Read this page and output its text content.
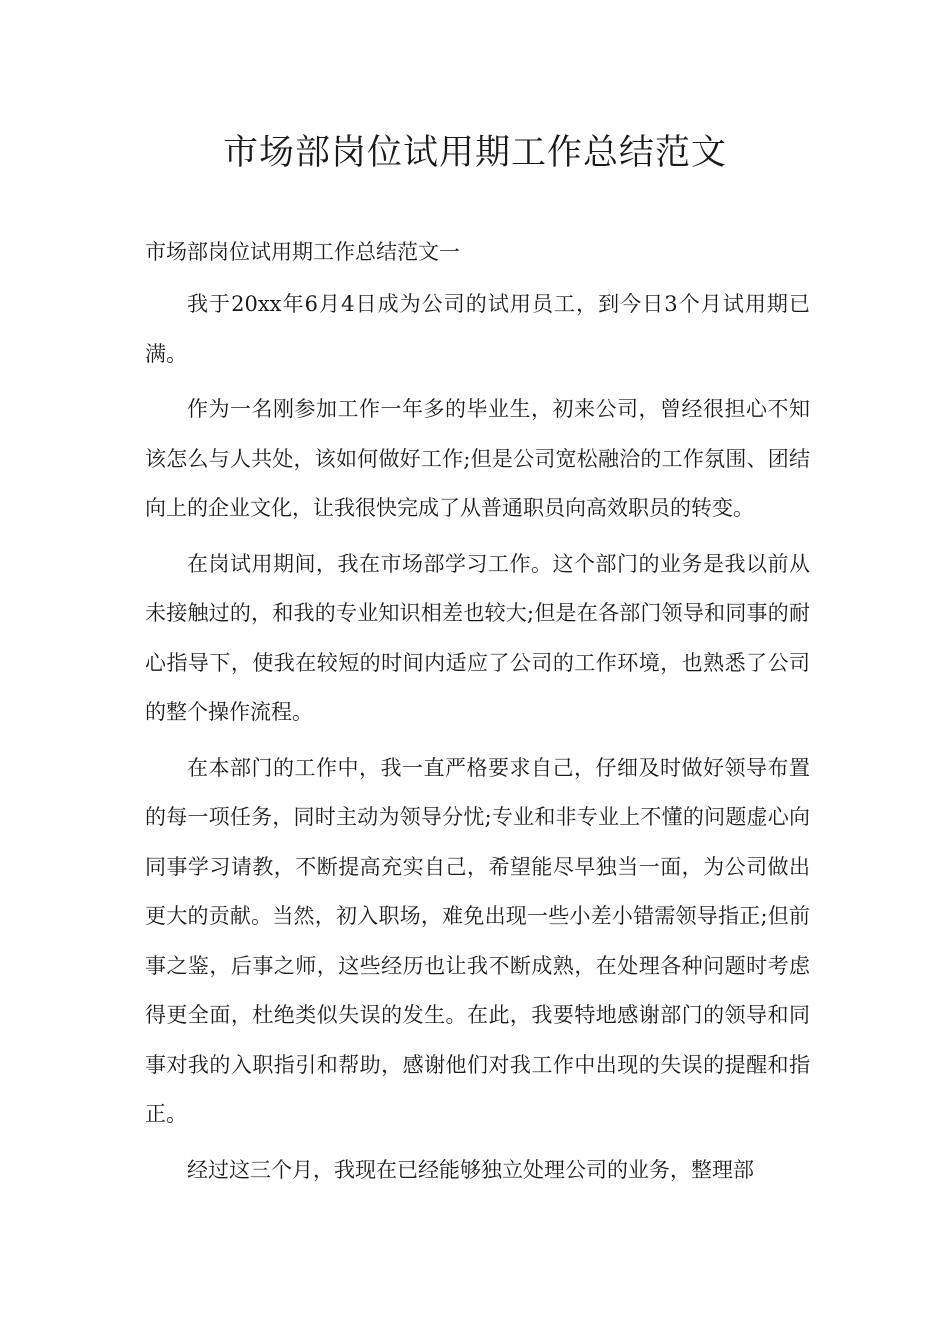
市场部岗位试用期工作总结范文

市场部岗位试用期工作总结范文一

我于20xx年6月4日成为公司的试用员工，到今日3个月试用期已满。

作为一名刚参加工作一年多的毕业生，初来公司，曾经很担心不知该怎么与人共处，该如何做好工作;但是公司宽松融洽的工作氛围、团结向上的企业文化，让我很快完成了从普通职员向高效职员的转变。

在岗试用期间，我在市场部学习工作。这个部门的业务是我以前从未接触过的，和我的专业知识相差也较大;但是在各部门领导和同事的耐心指导下，使我在较短的时间内适应了公司的工作环境，也熟悉了公司的整个操作流程。

在本部门的工作中，我一直严格要求自己，仔细及时做好领导布置的每一项任务，同时主动为领导分忧;专业和非专业上不懂的问题虚心向同事学习请教，不断提高充实自己，希望能尽早独当一面，为公司做出更大的贡献。当然，初入职场，难免出现一些小差小错需领导指正;但前事之鉴，后事之师，这些经历也让我不断成熟，在处理各种问题时考虑得更全面，杜绝类似失误的发生。在此，我要特地感谢部门的领导和同事对我的入职指引和帮助，感谢他们对我工作中出现的失误的提醒和指正。

经过这三个月，我现在已经能够独立处理公司的业务，整理部
